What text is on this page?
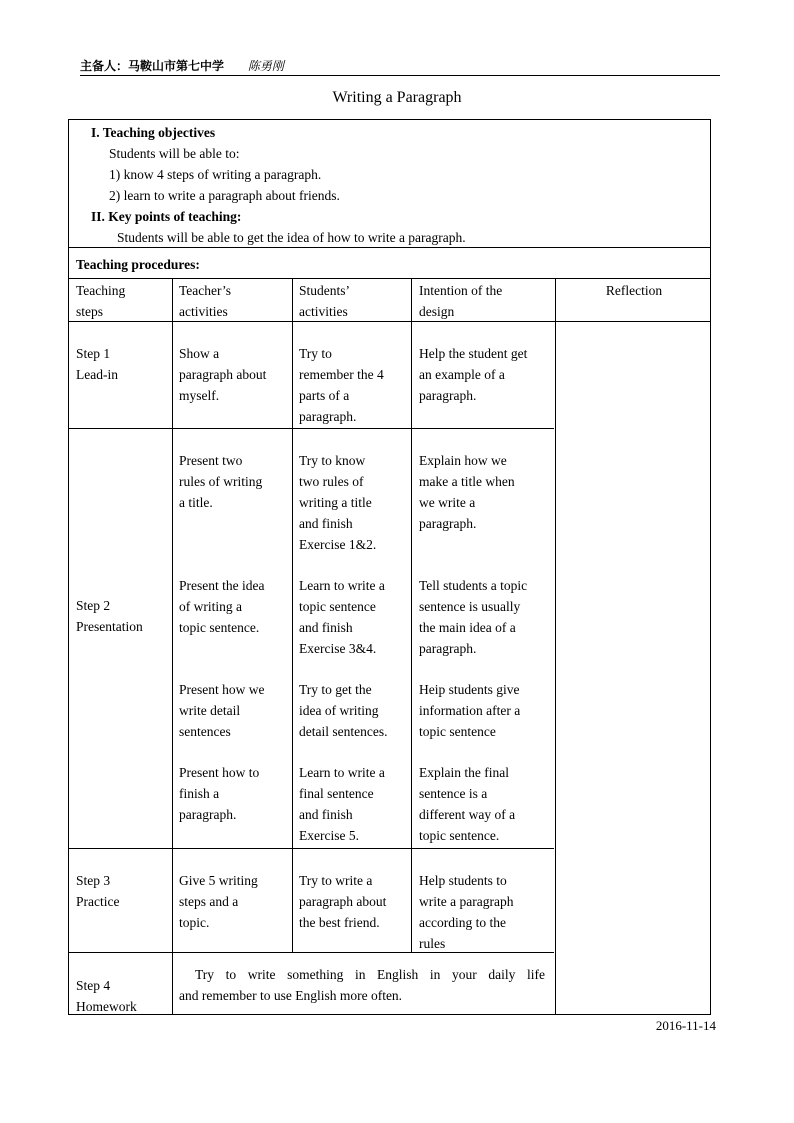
主备人：马鞍山市第七中学 陈勇刚
Writing a Paragraph
I. Teaching objectives
Students will be able to:
1) know 4 steps of writing a paragraph.
2) learn to write a paragraph about friends.
II. Key points of teaching:
Students will be able to get the idea of how to write a paragraph.
Teaching procedures:
Teaching
steps
Teacher’s
activities
Students’
activities
Intention of the
design
Reflection
Step 1
Lead-in
Show a
paragraph about
myself.
Try to
remember the 4
parts of a
paragraph.
Help the student get
an example of a
paragraph.
Step 2
Presentation
Present two
rules of writing
a title.
Try to know
two rules of
writing a title
and finish
Exercise 1&2.
Explain how we
make a title when
we write a
paragraph.
Present the idea
of writing a
topic sentence.
Learn to write a
topic sentence
and finish
Exercise 3&4.
Tell students a topic
sentence is usually
the main idea of a
paragraph.
Present how we
write detail
sentences
Try to get the
idea of writing
detail sentences.
Heip students give
information after a
topic sentence
Present how to
finish a
paragraph.
Learn to write a
final sentence
and finish
Exercise 5.
Explain the final
sentence is a
different way of a
topic sentence.
Step 3
Practice
Give 5 writing
steps and a
topic.
Try to write a
paragraph about
the best friend.
Help students to
write a paragraph
according to the
rules
Step 4
Homework
Try to write something in English in your daily life
and remember to use English more often.
2016-11-14
